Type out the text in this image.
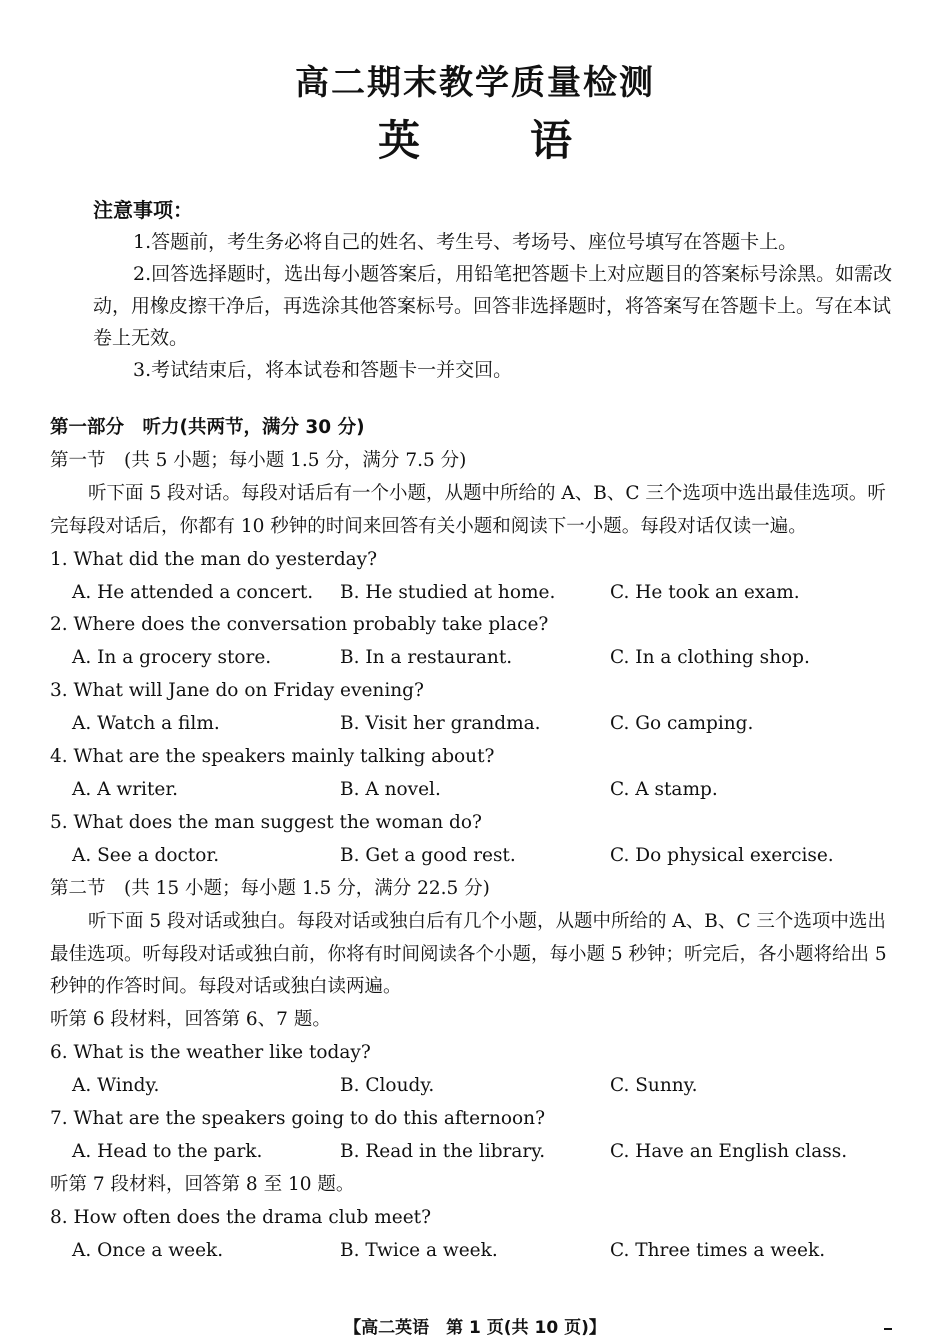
高二期末教学质量检测
英语
注意事项：

1.答题前，考生务必将自己的姓名、考生号、考场号、座位号填写在答题卡上。

2.回答选择题时，选出每小题答案后，用铅笔把答题卡上对应题目的答案标号涂黑。如需改动，用橡皮擦干净后，再选涂其他答案标号。回答非选择题时，将答案写在答题卡上。写在本试卷上无效。

3.考试结束后，将本试卷和答题卡一并交回。

第一部分　听力(共两节，满分 30 分)

第一节　(共 5 小题；每小题 1.5 分，满分 7.5 分)

听下面 5 段对话。每段对话后有一个小题，从题中所给的 A、B、C 三个选项中选出最佳选项。听完每段对话后，你都有 10 秒钟的时间来回答有关小题和阅读下一小题。每段对话仅读一遍。

1. What did the man do yesterday?

A. He attended a concert.	B. He studied at home.	C. He took an exam.

2. Where does the conversation probably take place?

A. In a grocery store.	B. In a restaurant.	C. In a clothing shop.

3. What will Jane do on Friday evening?

A. Watch a film.	B. Visit her grandma.	C. Go camping.

4. What are the speakers mainly talking about?

A. A writer.	B. A novel.	C. A stamp.

5. What does the man suggest the woman do?

A. See a doctor.	B. Get a good rest.	C. Do physical exercise.

第二节　(共 15 小题；每小题 1.5 分，满分 22.5 分)

听下面 5 段对话或独白。每段对话或独白后有几个小题，从题中所给的 A、B、C 三个选项中选出最佳选项。听每段对话或独白前，你将有时间阅读各个小题，每小题 5 秒钟；听完后，各小题将给出 5 秒钟的作答时间。每段对话或独白读两遍。

听第 6 段材料，回答第 6、7 题。

6. What is the weather like today?

A. Windy.	B. Cloudy.	C. Sunny.

7. What are the speakers going to do this afternoon?

A. Head to the park.	B. Read in the library.	C. Have an English class.

听第 7 段材料，回答第 8 至 10 题。

8. How often does the drama club meet?

A. Once a week.	B. Twice a week.	C. Three times a week.
【高二英语　第 1 页(共 10 页)】
